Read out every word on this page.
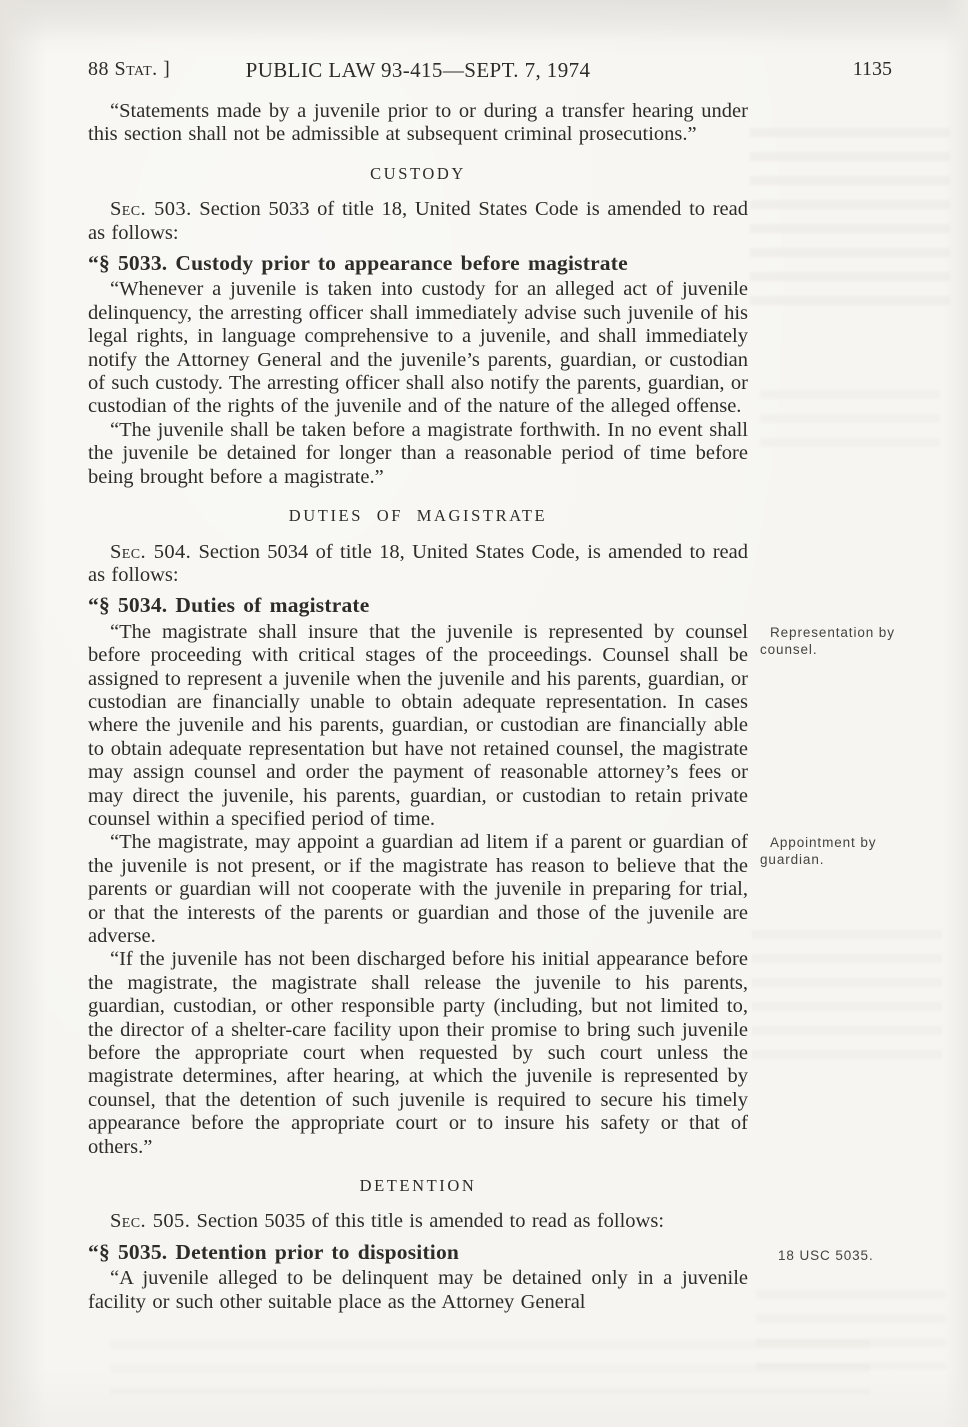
88 Stat. ]	PUBLIC LAW 93-415—SEPT. 7, 1974	1135

“Statements made by a juvenile prior to or during a transfer hearing under this section shall not be admissible at subsequent criminal prosecutions.”

CUSTODY

Sec. 503. Section 5033 of title 18, United States Code is amended to read as follows:

“§ 5033. Custody prior to appearance before magistrate

“Whenever a juvenile is taken into custody for an alleged act of juvenile delinquency, the arresting officer shall immediately advise such juvenile of his legal rights, in language comprehensive to a juvenile, and shall immediately notify the Attorney General and the juvenile’s parents, guardian, or custodian of such custody. The arresting officer shall also notify the parents, guardian, or custodian of the rights of the juvenile and of the nature of the alleged offense.

“The juvenile shall be taken before a magistrate forthwith. In no event shall the juvenile be detained for longer than a reasonable period of time before being brought before a magistrate.”

DUTIES OF MAGISTRATE

Sec. 504. Section 5034 of title 18, United States Code, is amended to read as follows:

“§ 5034. Duties of magistrate

“The magistrate shall insure that the juvenile is represented by counsel before proceeding with critical stages of the proceedings. Counsel shall be assigned to represent a juvenile when the juvenile and his parents, guardian, or custodian are financially unable to obtain adequate representation. In cases where the juvenile and his parents, guardian, or custodian are financially able to obtain adequate representation but have not retained counsel, the magistrate may assign counsel and order the payment of reasonable attorney’s fees or may direct the juvenile, his parents, guardian, or custodian to retain private counsel within a specified period of time.
Representation by counsel.

“The magistrate, may appoint a guardian ad litem if a parent or guardian of the juvenile is not present, or if the magistrate has reason to believe that the parents or guardian will not cooperate with the juvenile in preparing for trial, or that the interests of the parents or guardian and those of the juvenile are adverse.
Appointment by guardian.

“If the juvenile has not been discharged before his initial appearance before the magistrate, the magistrate shall release the juvenile to his parents, guardian, custodian, or other responsible party (including, but not limited to, the director of a shelter-care facility upon their promise to bring such juvenile before the appropriate court when requested by such court unless the magistrate determines, after hearing, at which the juvenile is represented by counsel, that the detention of such juvenile is required to secure his timely appearance before the appropriate court or to insure his safety or that of others.”

DETENTION

Sec. 505. Section 5035 of this title is amended to read as follows:

“§ 5035. Detention prior to disposition	18 USC 5035.

“A juvenile alleged to be delinquent may be detained only in a juvenile facility or such other suitable place as the Attorney General
